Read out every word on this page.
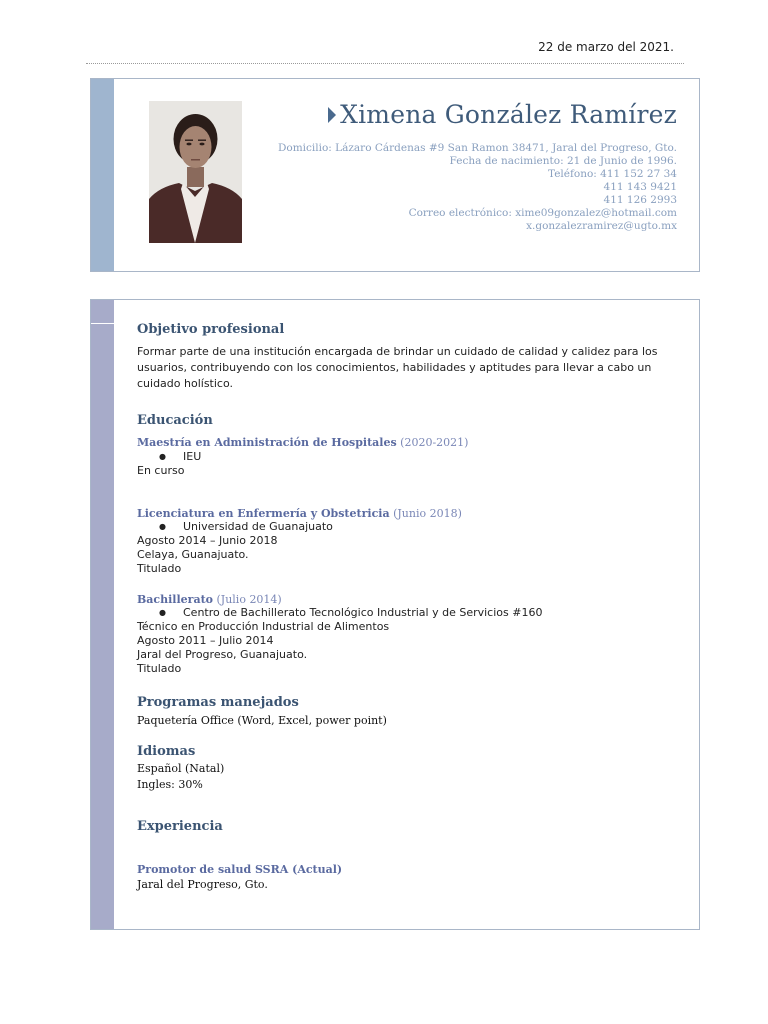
22 de marzo del 2021.
Ximena González Ramírez
Domicilio: Lázaro Cárdenas #9 San Ramon 38471, Jaral del Progreso, Gto.
Fecha de nacimiento: 21 de Junio de 1996.
Teléfono: 411 152 27 34
411 143 9421
411 126 2993
Correo electrónico: xime09gonzalez@hotmail.com
x.gonzalezramirez@ugto.mx
Objetivo profesional
Formar parte de una institución encargada de brindar un cuidado de calidad y calidez para los usuarios, contribuyendo con los conocimientos, habilidades y aptitudes para llevar a cabo un cuidado holístico.
Educación
Maestría en Administración de Hospitales (2020-2021)
● IEU
En curso
Licenciatura en Enfermería y Obstetricia (Junio 2018)
● Universidad de Guanajuato
Agosto 2014 – Junio 2018
Celaya, Guanajuato.
Titulado
Bachillerato (Julio 2014)
● Centro de Bachillerato Tecnológico Industrial y de Servicios #160
Técnico en Producción Industrial de Alimentos
Agosto 2011 – Julio 2014
Jaral del Progreso, Guanajuato.
Titulado
Programas manejados
Paquetería Office (Word, Excel, power point)
Idiomas
Español (Natal)
Ingles: 30%
Experiencia
Promotor de salud SSRA (Actual)
Jaral del Progreso, Gto.
